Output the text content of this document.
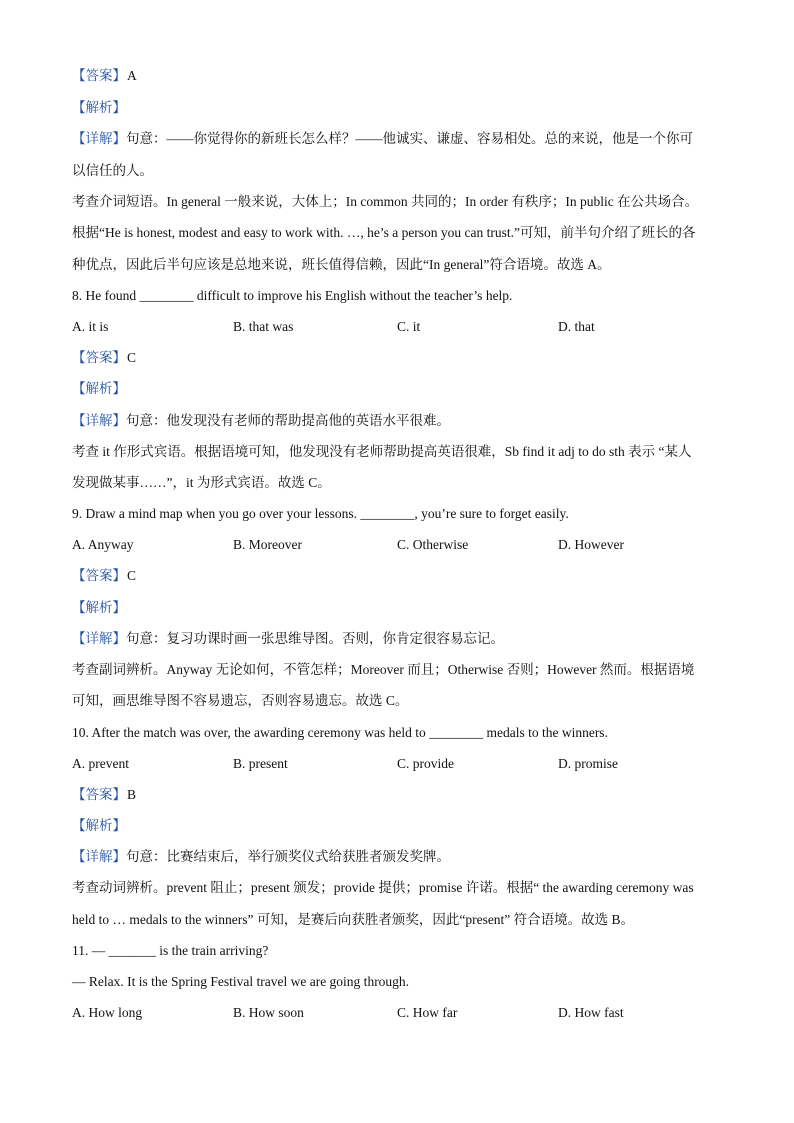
【答案】A
【解析】
【详解】句意：——你觉得你的新班长怎么样？——他诚实、谦虚、容易相处。总的来说，他是一个你可
以信任的人。
考查介词短语。In general 一般来说，大体上；In common 共同的；In order 有秩序；In public 在公共场合。
根据“He is honest, modest and easy to work with. …, he’s a person you can trust.”可知，前半句介绍了班长的各
种优点，因此后半句应该是总地来说，班长值得信赖，因此“In general”符合语境。故选 A。
8. He found ________ difficult to improve his English without the teacher’s help.
A. it is	B. that was	C. it	D. that
【答案】C
【解析】
【详解】句意：他发现没有老师的帮助提高他的英语水平很难。
考查 it 作形式宾语。根据语境可知，他发现没有老师帮助提高英语很难，Sb find it adj to do sth 表示 “某人
发现做某事……”，it 为形式宾语。故选 C。
9. Draw a mind map when you go over your lessons. ________, you’re sure to forget easily.
A. Anyway	B. Moreover	C. Otherwise	D. However
【答案】C
【解析】
【详解】句意：复习功课时画一张思维导图。否则，你肯定很容易忘记。
考查副词辨析。Anyway 无论如何，不管怎样；Moreover 而且；Otherwise 否则；However 然而。根据语境
可知，画思维导图不容易遗忘，否则容易遗忘。故选 C。
10. After the match was over, the awarding ceremony was held to ________ medals to the winners.
A. prevent	B. present	C. provide	D. promise
【答案】B
【解析】
【详解】句意：比赛结束后，举行颁奖仪式给获胜者颁发奖牌。
考查动词辨析。prevent 阻止；present 颁发；provide 提供；promise 许诺。根据“ the awarding ceremony was
held to … medals to the winners” 可知，是赛后向获胜者颁奖，因此“present” 符合语境。故选 B。
11. — _______ is the train arriving?
— Relax. It is the Spring Festival travel we are going through.
A. How long	B. How soon	C. How far	D. How fast
